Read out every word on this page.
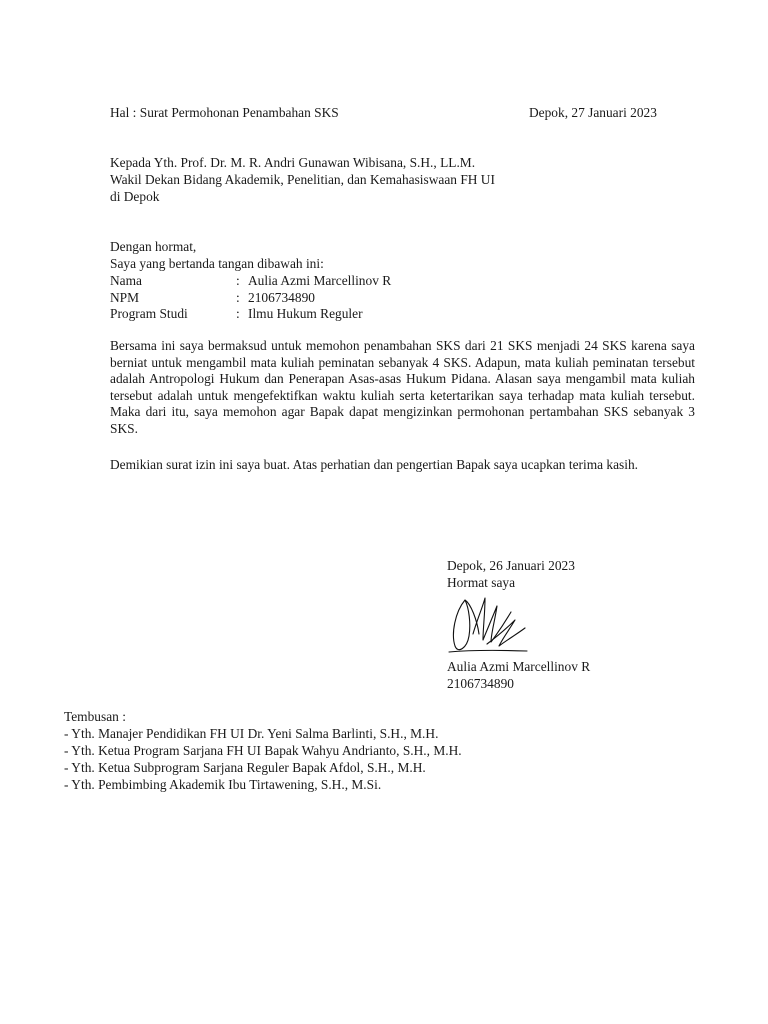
Hal : Surat Permohonan Penambahan SKS	Depok, 27 Januari 2023
Kepada Yth. Prof. Dr. M. R. Andri Gunawan Wibisana, S.H., LL.M.
Wakil Dekan Bidang Akademik, Penelitian, dan Kemahasiswaan FH UI
di Depok
Dengan hormat,
Saya yang bertanda tangan dibawah ini:
Nama	: Aulia Azmi Marcellinov R
NPM	: 2106734890
Program Studi	: Ilmu Hukum Reguler
Bersama ini saya bermaksud untuk memohon penambahan SKS dari 21 SKS menjadi 24 SKS karena saya berniat untuk mengambil mata kuliah peminatan sebanyak 4 SKS. Adapun, mata kuliah peminatan tersebut adalah Antropologi Hukum dan Penerapan Asas-asas Hukum Pidana. Alasan saya mengambil mata kuliah tersebut adalah untuk mengefektifkan waktu kuliah serta ketertarikan saya terhadap mata kuliah tersebut. Maka dari itu, saya memohon agar Bapak dapat mengizinkan permohonan pertambahan SKS sebanyak 3 SKS.
Demikian surat izin ini saya buat. Atas perhatian dan pengertian Bapak saya ucapkan terima kasih.
Depok, 26 Januari 2023
Hormat saya
Aulia Azmi Marcellinov R
2106734890
Tembusan :
- Yth. Manajer Pendidikan FH UI Dr. Yeni Salma Barlinti, S.H., M.H.
- Yth. Ketua Program Sarjana FH UI Bapak Wahyu Andrianto, S.H., M.H.
- Yth. Ketua Subprogram Sarjana Reguler Bapak Afdol, S.H., M.H.
- Yth. Pembimbing Akademik Ibu Tirtawening, S.H., M.Si.
